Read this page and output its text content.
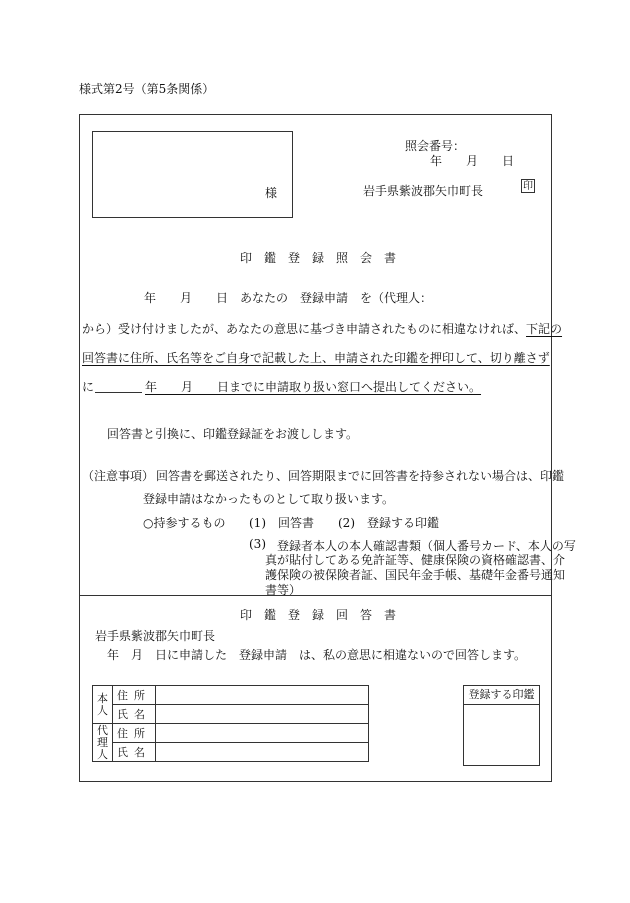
様式第2号（第5条関係）
様
照会番号：
年　　月　　日
岩手県紫波郡矢巾町長	印
印　鑑　登　録　照　会　書
年　　月　　日　あなたの　登録申請　を（代理人：
から）受け付けましたが、あなたの意思に基づき申請されたものに相違なければ、下記の
回答書に住所、氏名等をご自身で記載した上、申請された印鑑を押印して、切り離さず
に	年　　月　　日までに申請取り扱い窓口へ提出してください。
回答書と引換に、印鑑登録証をお渡しします。
（注意事項） 回答書を郵送されたり、回答期限までに回答書を持参されない場合は、印鑑
登録申請はなかったものとして取り扱います。
○持参するもの (1)　回答書 (2)　登録する印鑑
(3) 登録者本人の本人確認書類（個人番号カード、本人の写
真が貼付してある免許証等、健康保険の資格確認書、介
護保険の被保険者証、国民年金手帳、基礎年金番号通知
書等）
印　鑑　登　録　回　答　書
岩手県紫波郡矢巾町長
年　月　日に申請した　登録申請　は、私の意思に相違ないので回答します。
本人	住所	
	氏名	
代理人	住所	
	氏名	
登録する印鑑
